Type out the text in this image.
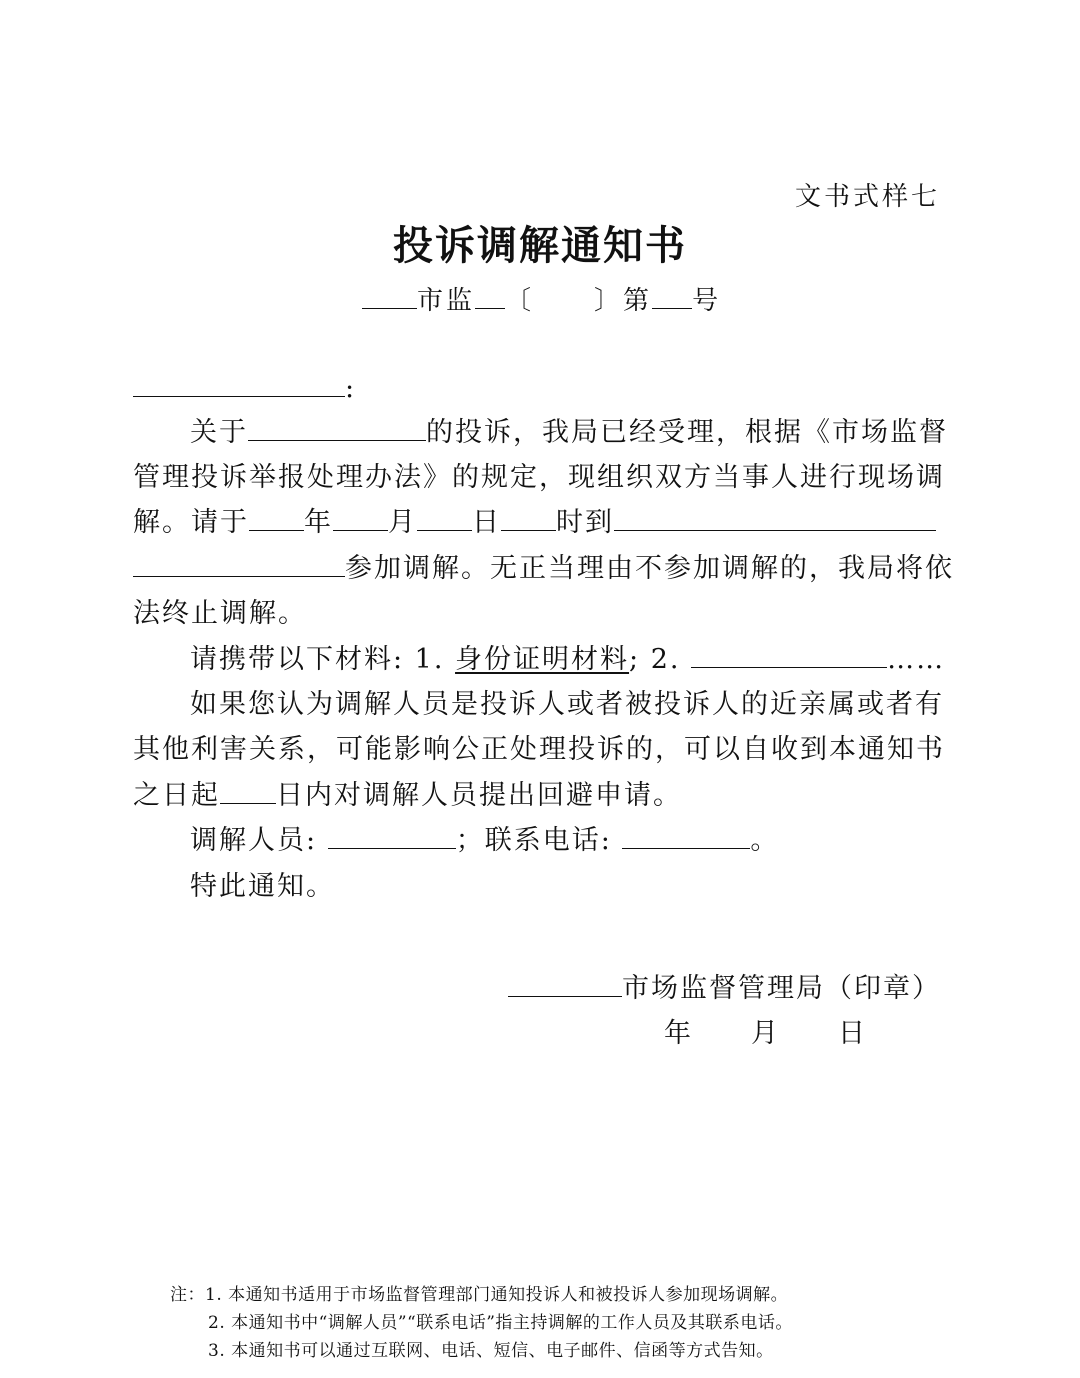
文书式样七
投诉调解通知书
市监 〔 〕第 号
:
关于	的投诉，我局已经受理，根据《市场监督
管理投诉举报处理办法》的规定，现组织双方当事人进行现场调
解。请于 年 月 日 时到
参加调解。无正当理由不参加调解的，我局将依
法终止调解。
请携带以下材料: 1. 身份证明材料; 2.	……
如果您认为调解人员是投诉人或者被投诉人的近亲属或者有
其他利害关系，可能影响公正处理投诉的，可以自收到本通知书
之日起 日内对调解人员提出回避申请。
调解人员:	；联系电话:	。
特此通知。
市场监督管理局（印章）
年　　月　　日
注：1. 本通知书适用于市场监督管理部门通知投诉人和被投诉人参加现场调解。
2. 本通知书中“调解人员”“联系电话”指主持调解的工作人员及其联系电话。
3. 本通知书可以通过互联网、电话、短信、电子邮件、信函等方式告知。
